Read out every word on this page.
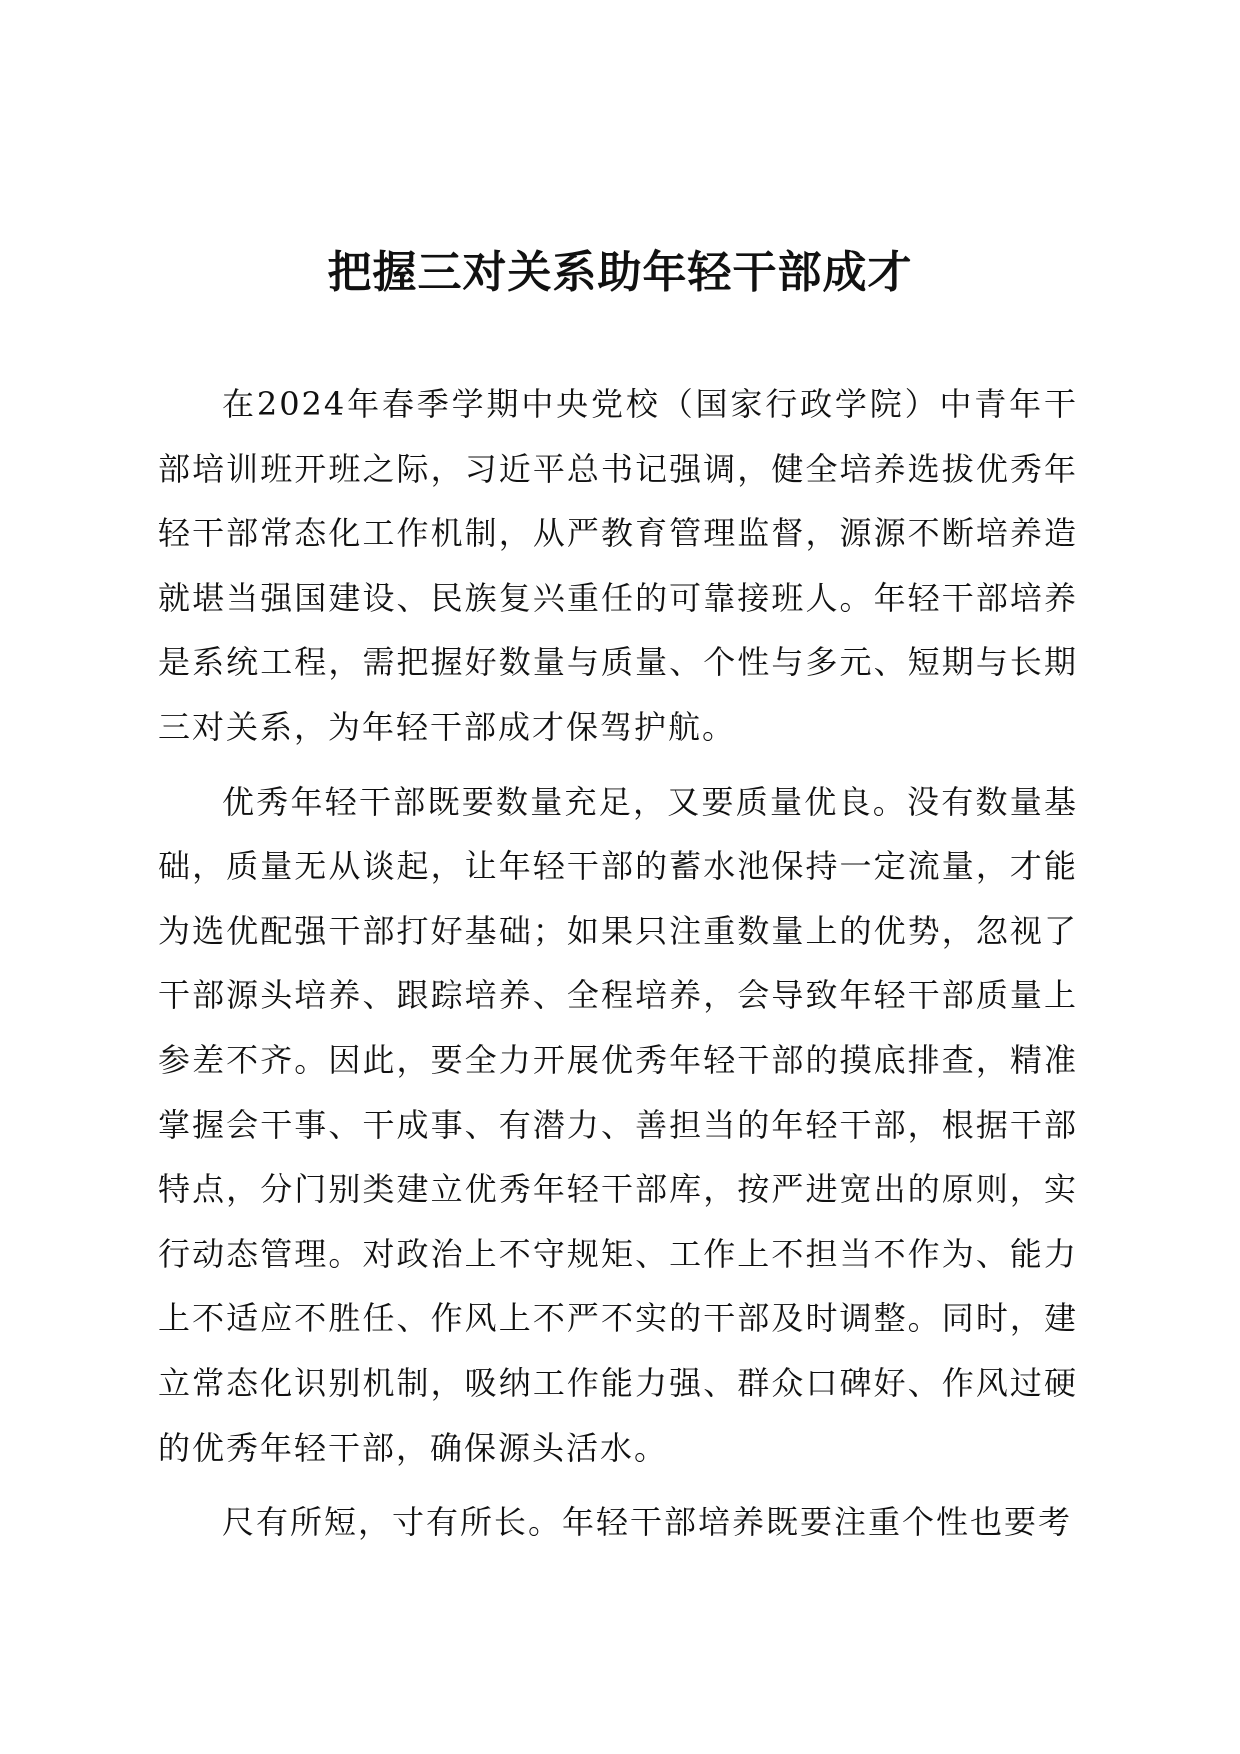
把握三对关系助年轻干部成才

在2024年春季学期中央党校（国家行政学院）中青年干部培训班开班之际，习近平总书记强调，健全培养选拔优秀年轻干部常态化工作机制，从严教育管理监督，源源不断培养造就堪当强国建设、民族复兴重任的可靠接班人。年轻干部培养是系统工程，需把握好数量与质量、个性与多元、短期与长期三对关系，为年轻干部成才保驾护航。

优秀年轻干部既要数量充足，又要质量优良。没有数量基础，质量无从谈起，让年轻干部的蓄水池保持一定流量，才能为选优配强干部打好基础；如果只注重数量上的优势，忽视了干部源头培养、跟踪培养、全程培养，会导致年轻干部质量上参差不齐。因此，要全力开展优秀年轻干部的摸底排查，精准掌握会干事、干成事、有潜力、善担当的年轻干部，根据干部特点，分门别类建立优秀年轻干部库，按严进宽出的原则，实行动态管理。对政治上不守规矩、工作上不担当不作为、能力上不适应不胜任、作风上不严不实的干部及时调整。同时，建立常态化识别机制，吸纳工作能力强、群众口碑好、作风过硬的优秀年轻干部，确保源头活水。

尺有所短，寸有所长。年轻干部培养既要注重个性也要考
